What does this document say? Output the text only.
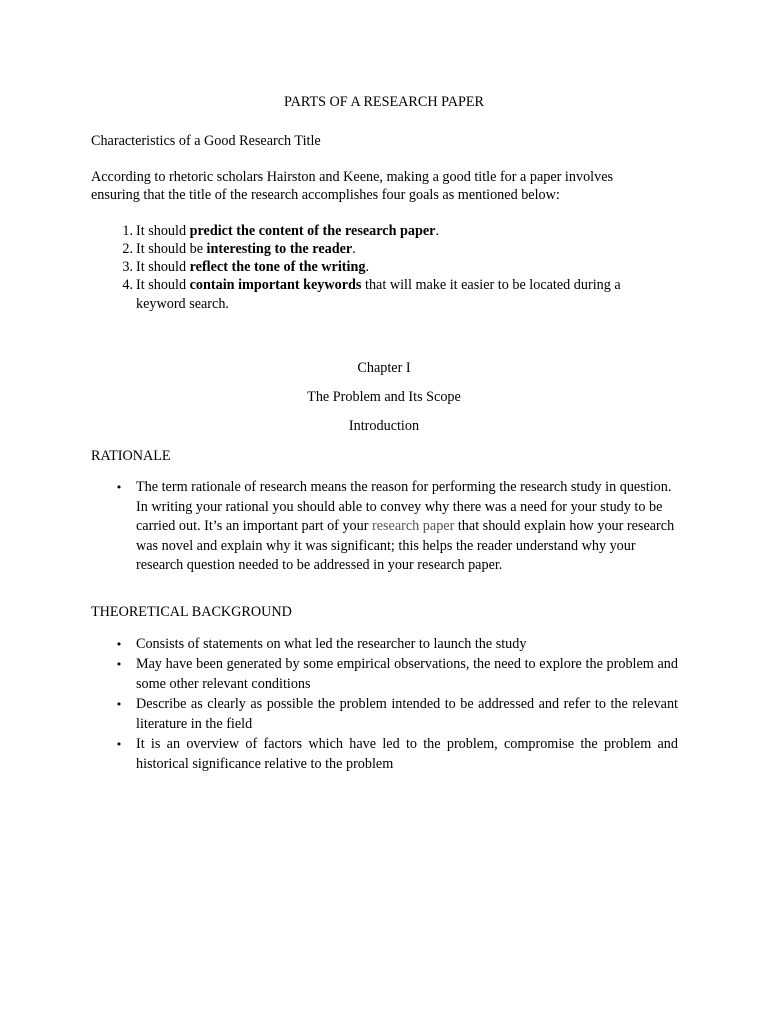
PARTS OF A RESEARCH PAPER
Characteristics of a Good Research Title
According to rhetoric scholars Hairston and Keene, making a good title for a paper involves
ensuring that the title of the research accomplishes four goals as mentioned below:
1. It should predict the content of the research paper.
2. It should be interesting to the reader.
3. It should reflect the tone of the writing.
4. It should contain important keywords that will make it easier to be located during a
keyword search.
Chapter I
The Problem and Its Scope
Introduction
RATIONALE
• The term rationale of research means the reason for performing the research study in question. In writing your rational you should able to convey why there was a need for your study to be carried out. It’s an important part of your research paper that should explain how your research was novel and explain why it was significant; this helps the reader understand why your research question needed to be addressed in your research paper.
THEORETICAL BACKGROUND
• Consists of statements on what led the researcher to launch the study
• May have been generated by some empirical observations, the need to explore the problem and some other relevant conditions
• Describe as clearly as possible the problem intended to be addressed and refer to the relevant literature in the field
• It is an overview of factors which have led to the problem, compromise the problem and historical significance relative to the problem
